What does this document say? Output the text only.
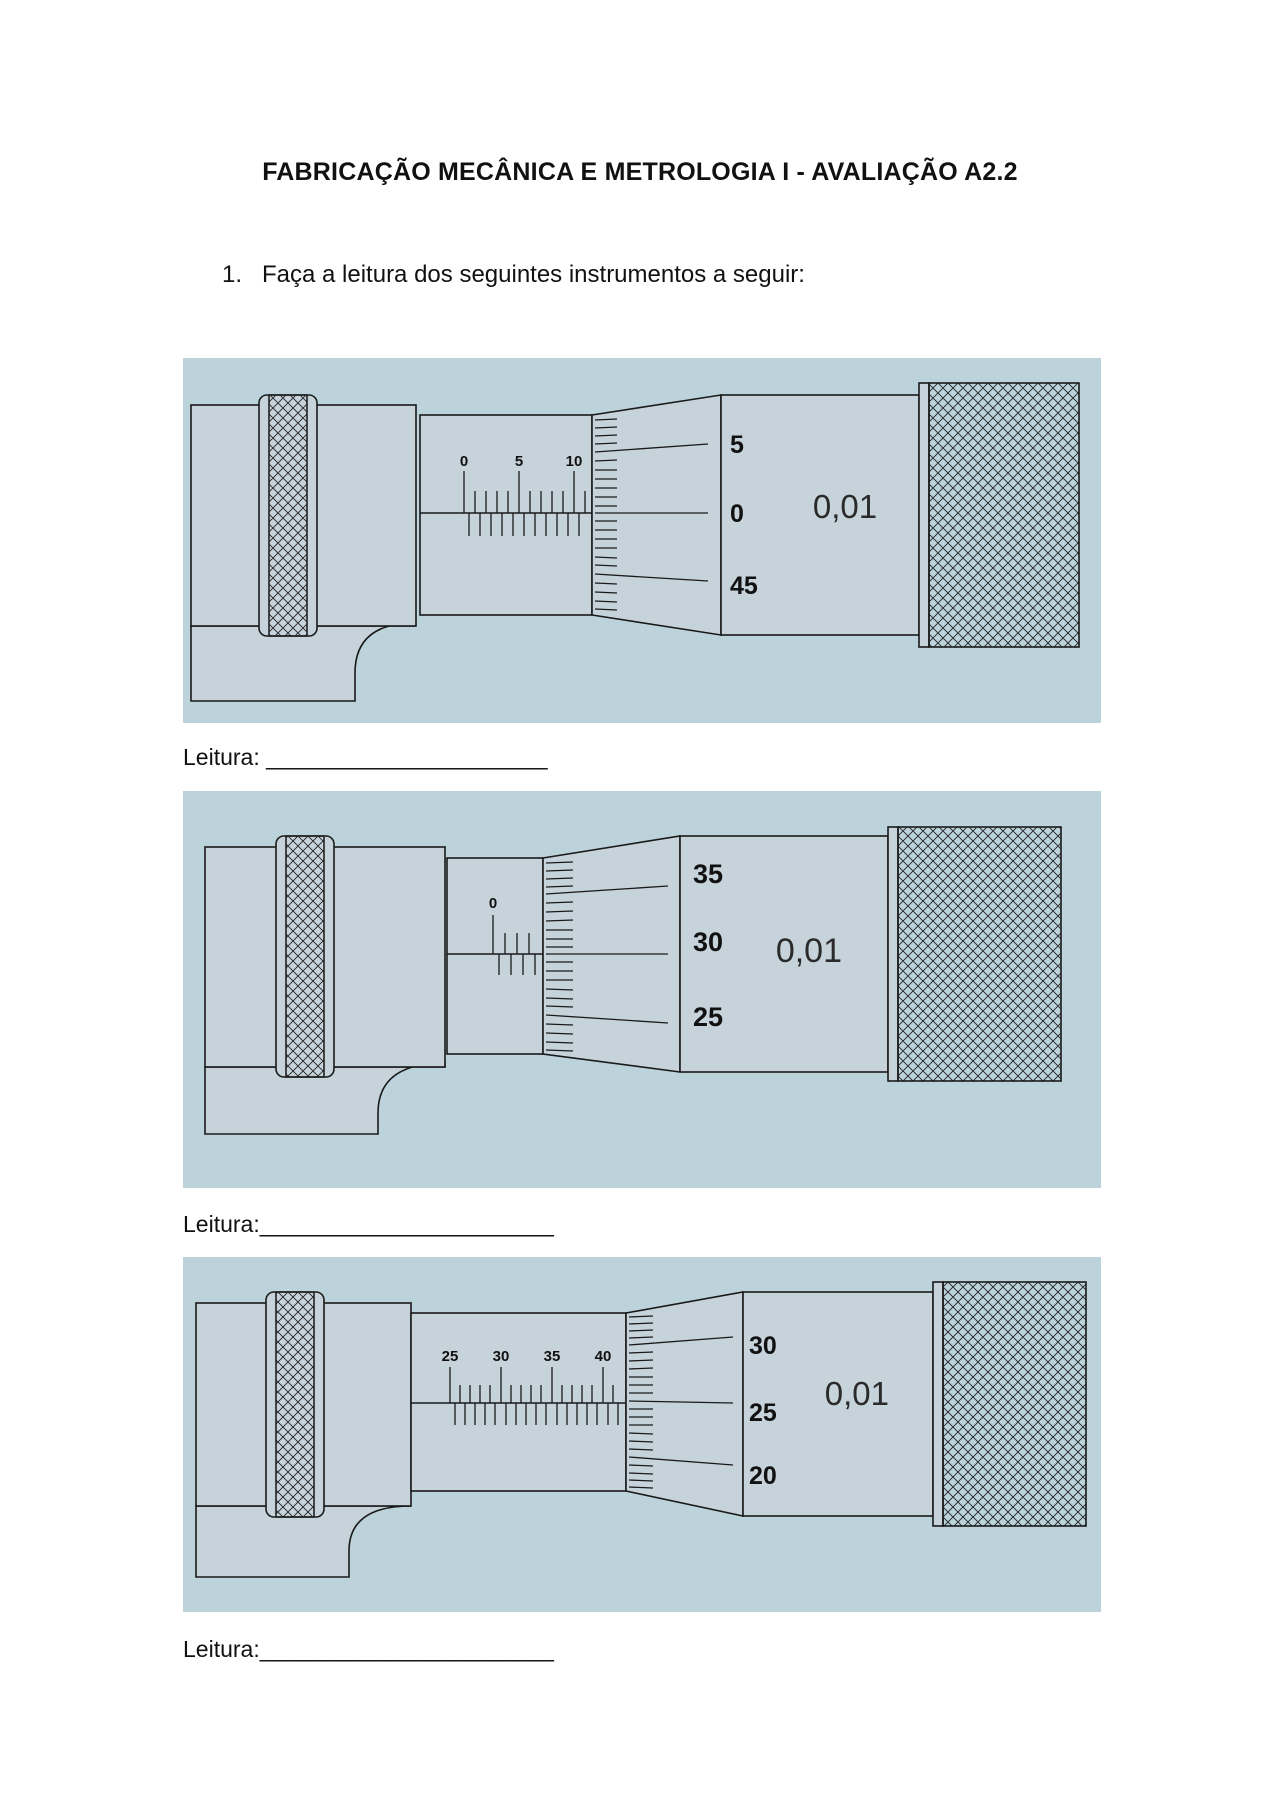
FABRICAÇÃO MECÂNICA E METROLOGIA I - AVALIAÇÃO A2.2
1. Faça a leitura dos seguintes instrumentos a seguir:
0	5	10
5
0
45
0,01
Leitura: ______________________
0
35
30
25
0,01
Leitura:_______________________
25 30 35 40	30
25
20
0,01
Leitura:_______________________
